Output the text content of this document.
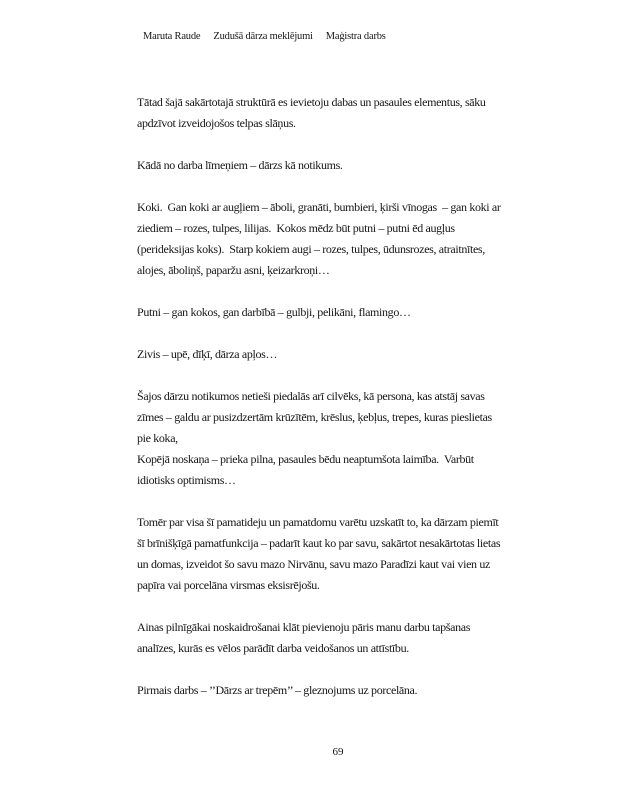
Maruta Raude Zudušā dārza meklējumi Maģistra darbs
Tātad šajā sakārtotajā struktūrā es ievietoju dabas un pasaules elementus, sāku
apdzīvot izveidojošos telpas slāņus.
Kādā no darba līmeņiem – dārzs kā notikums.
Koki.  Gan koki ar augļiem – āboli, granāti, bumbieri, ķirši vīnogas  – gan koki ar
ziediem – rozes, tulpes, lilijas.  Kokos mēdz būt putni – putni ēd augļus
(perideksijas koks).  Starp kokiem augi – rozes, tulpes, ūdunsrozes, atraitnītes,
alojes, āboliņš, paparžu asni, ķeizarkroņi…
Putni – gan kokos, gan darbībā – gulbji, pelikāni, flamingo…
Zivis – upē, dīķī, dārza apļos…
Šajos dārzu notikumos netieši piedalās arī cilvēks, kā persona, kas atstāj savas
zīmes – galdu ar pusizdzertām krūzītēm, krēslus, ķebļus, trepes, kuras pieslietas
pie koka,
Kopējā noskaņa – prieka pilna, pasaules bēdu neaptumšota laimība.  Varbūt
idiotisks optimisms…
Tomēr par visa šī pamatideju un pamatdomu varētu uzskatīt to, ka dārzam piemīt
šī brīnišķīgā pamatfunkcija – padarīt kaut ko par savu, sakārtot nesakārtotas lietas
un domas, izveidot šo savu mazo Nirvānu, savu mazo Paradīzi kaut vai vien uz
papīra vai porcelāna virsmas eksisrējošu.
Ainas pilnīgākai noskaidrošanai klāt pievienoju pāris manu darbu tapšanas
analīzes, kurās es vēlos parādīt darba veidošanos un attīstību.
Pirmais darbs – ’’Dārzs ar trepēm’’ – gleznojums uz porcelāna.
69
